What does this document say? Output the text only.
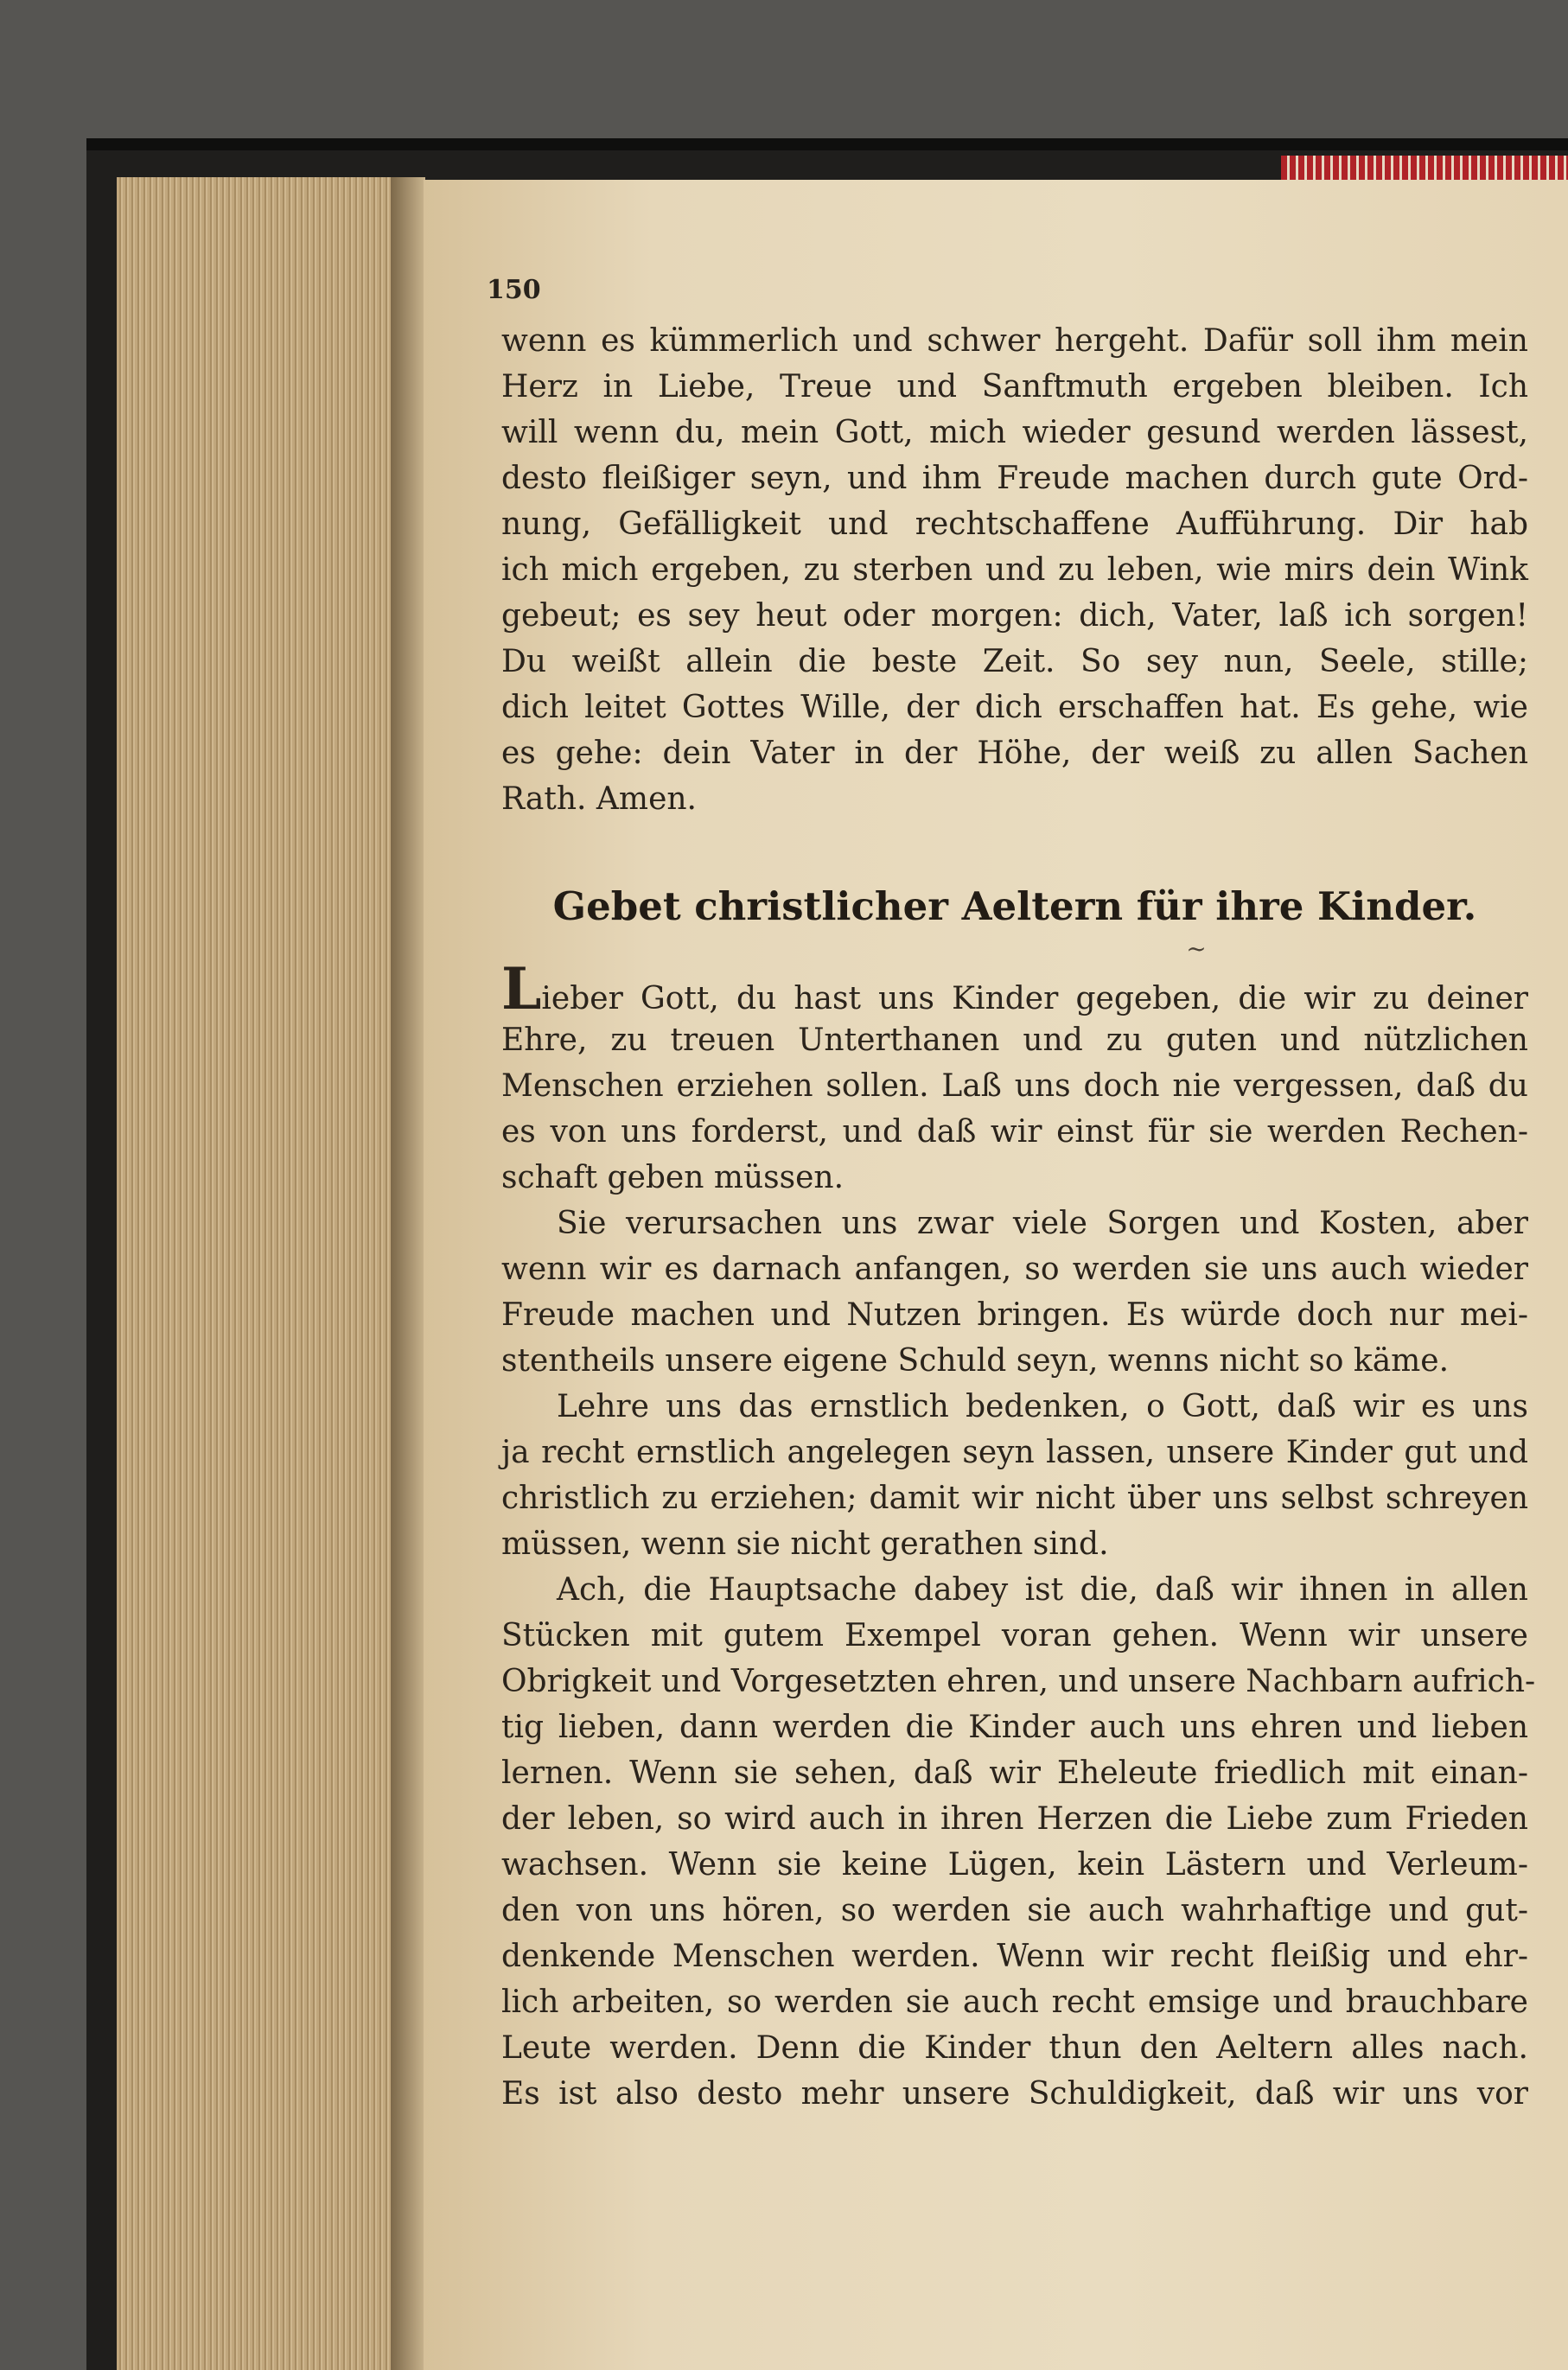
150
wenn es kümmerlich und schwer hergeht. Dafür soll ihm mein
Herz in Liebe, Treue und Sanftmuth ergeben bleiben. Ich
will wenn du, mein Gott, mich wieder gesund werden lässest,
desto fleißiger seyn, und ihm Freude machen durch gute Ord-
nung, Gefälligkeit und rechtschaffene Aufführung. Dir hab
ich mich ergeben, zu sterben und zu leben, wie mirs dein Wink
gebeut; es sey heut oder morgen: dich, Vater, laß ich sorgen!
Du weißt allein die beste Zeit. So sey nun, Seele, stille;
dich leitet Gottes Wille, der dich erschaffen hat. Es gehe, wie
es gehe: dein Vater in der Höhe, der weiß zu allen Sachen
Rath. Amen.
Gebet christlicher Aeltern für ihre Kinder.
~
Lieber Gott, du hast uns Kinder gegeben, die wir zu deiner
Ehre, zu treuen Unterthanen und zu guten und nützlichen
Menschen erziehen sollen. Laß uns doch nie vergessen, daß du
es von uns forderst, und daß wir einst für sie werden Rechen-
schaft geben müssen.
Sie verursachen uns zwar viele Sorgen und Kosten, aber
wenn wir es darnach anfangen, so werden sie uns auch wieder
Freude machen und Nutzen bringen. Es würde doch nur mei-
stentheils unsere eigene Schuld seyn, wenns nicht so käme.
Lehre uns das ernstlich bedenken, o Gott, daß wir es uns
ja recht ernstlich angelegen seyn lassen, unsere Kinder gut und
christlich zu erziehen; damit wir nicht über uns selbst schreyen
müssen, wenn sie nicht gerathen sind.
Ach, die Hauptsache dabey ist die, daß wir ihnen in allen
Stücken mit gutem Exempel voran gehen. Wenn wir unsere
Obrigkeit und Vorgesetzten ehren, und unsere Nachbarn aufrich-
tig lieben, dann werden die Kinder auch uns ehren und lieben
lernen. Wenn sie sehen, daß wir Eheleute friedlich mit einan-
der leben, so wird auch in ihren Herzen die Liebe zum Frieden
wachsen. Wenn sie keine Lügen, kein Lästern und Verleum-
den von uns hören, so werden sie auch wahrhaftige und gut-
denkende Menschen werden. Wenn wir recht fleißig und ehr-
lich arbeiten, so werden sie auch recht emsige und brauchbare
Leute werden. Denn die Kinder thun den Aeltern alles nach.
Es ist also desto mehr unsere Schuldigkeit, daß wir uns vor
